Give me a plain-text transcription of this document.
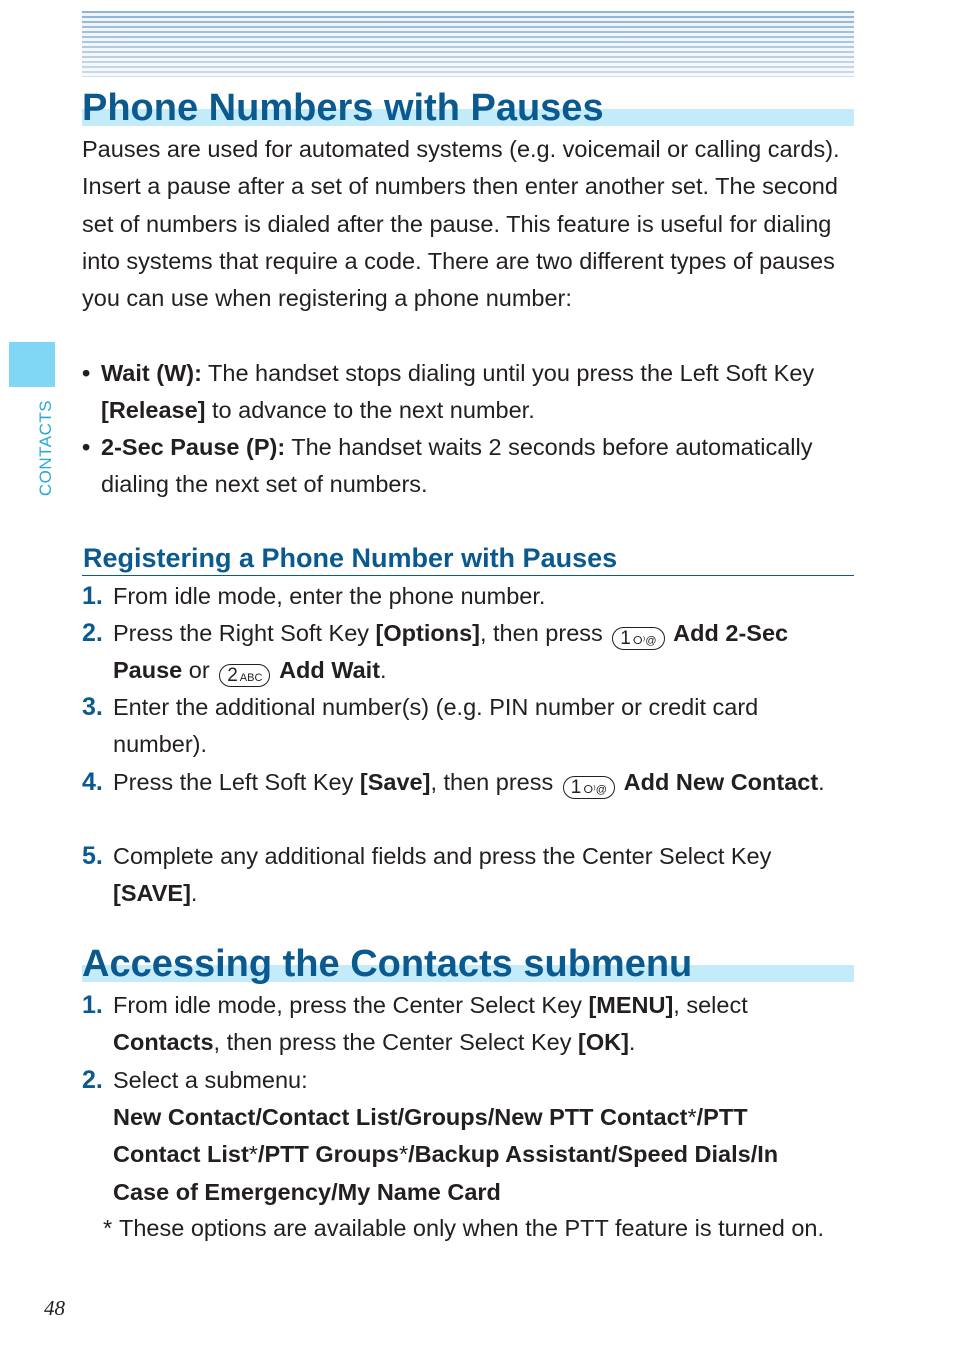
CONTACTS
Phone Numbers with Pauses

Pauses are used for automated systems (e.g. voicemail or calling cards). Insert a pause after a set of numbers then enter another set. The second set of numbers is dialed after the pause. This feature is useful for dialing into systems that require a code. There are two different types of pauses you can use when registering a phone number:

• Wait (W): The handset stops dialing until you press the Left Soft Key [Release] to advance to the next number.
• 2-Sec Pause (P): The handset waits 2 seconds before automatically dialing the next set of numbers.
Registering a Phone Number with Pauses
1. From idle mode, enter the phone number.
2. Press the Right Soft Key [Options], then press 1 ⵔ⁾@ Add 2-Sec Pause or 2 ABC Add Wait.
3. Enter the additional number(s) (e.g. PIN number or credit card number).
4. Press the Left Soft Key [Save], then press 1 ⵔ⁾@ Add New Contact.
5. Complete any additional fields and press the Center Select Key [SAVE].
Accessing the Contacts submenu
1. From idle mode, press the Center Select Key [MENU], select Contacts, then press the Center Select Key [OK].
2. Select a submenu:
New Contact/Contact List/Groups/New PTT Contact*/PTT Contact List*/PTT Groups*/Backup Assistant/Speed Dials/In Case of Emergency/My Name Card
* These options are available only when the PTT feature is turned on.
48
